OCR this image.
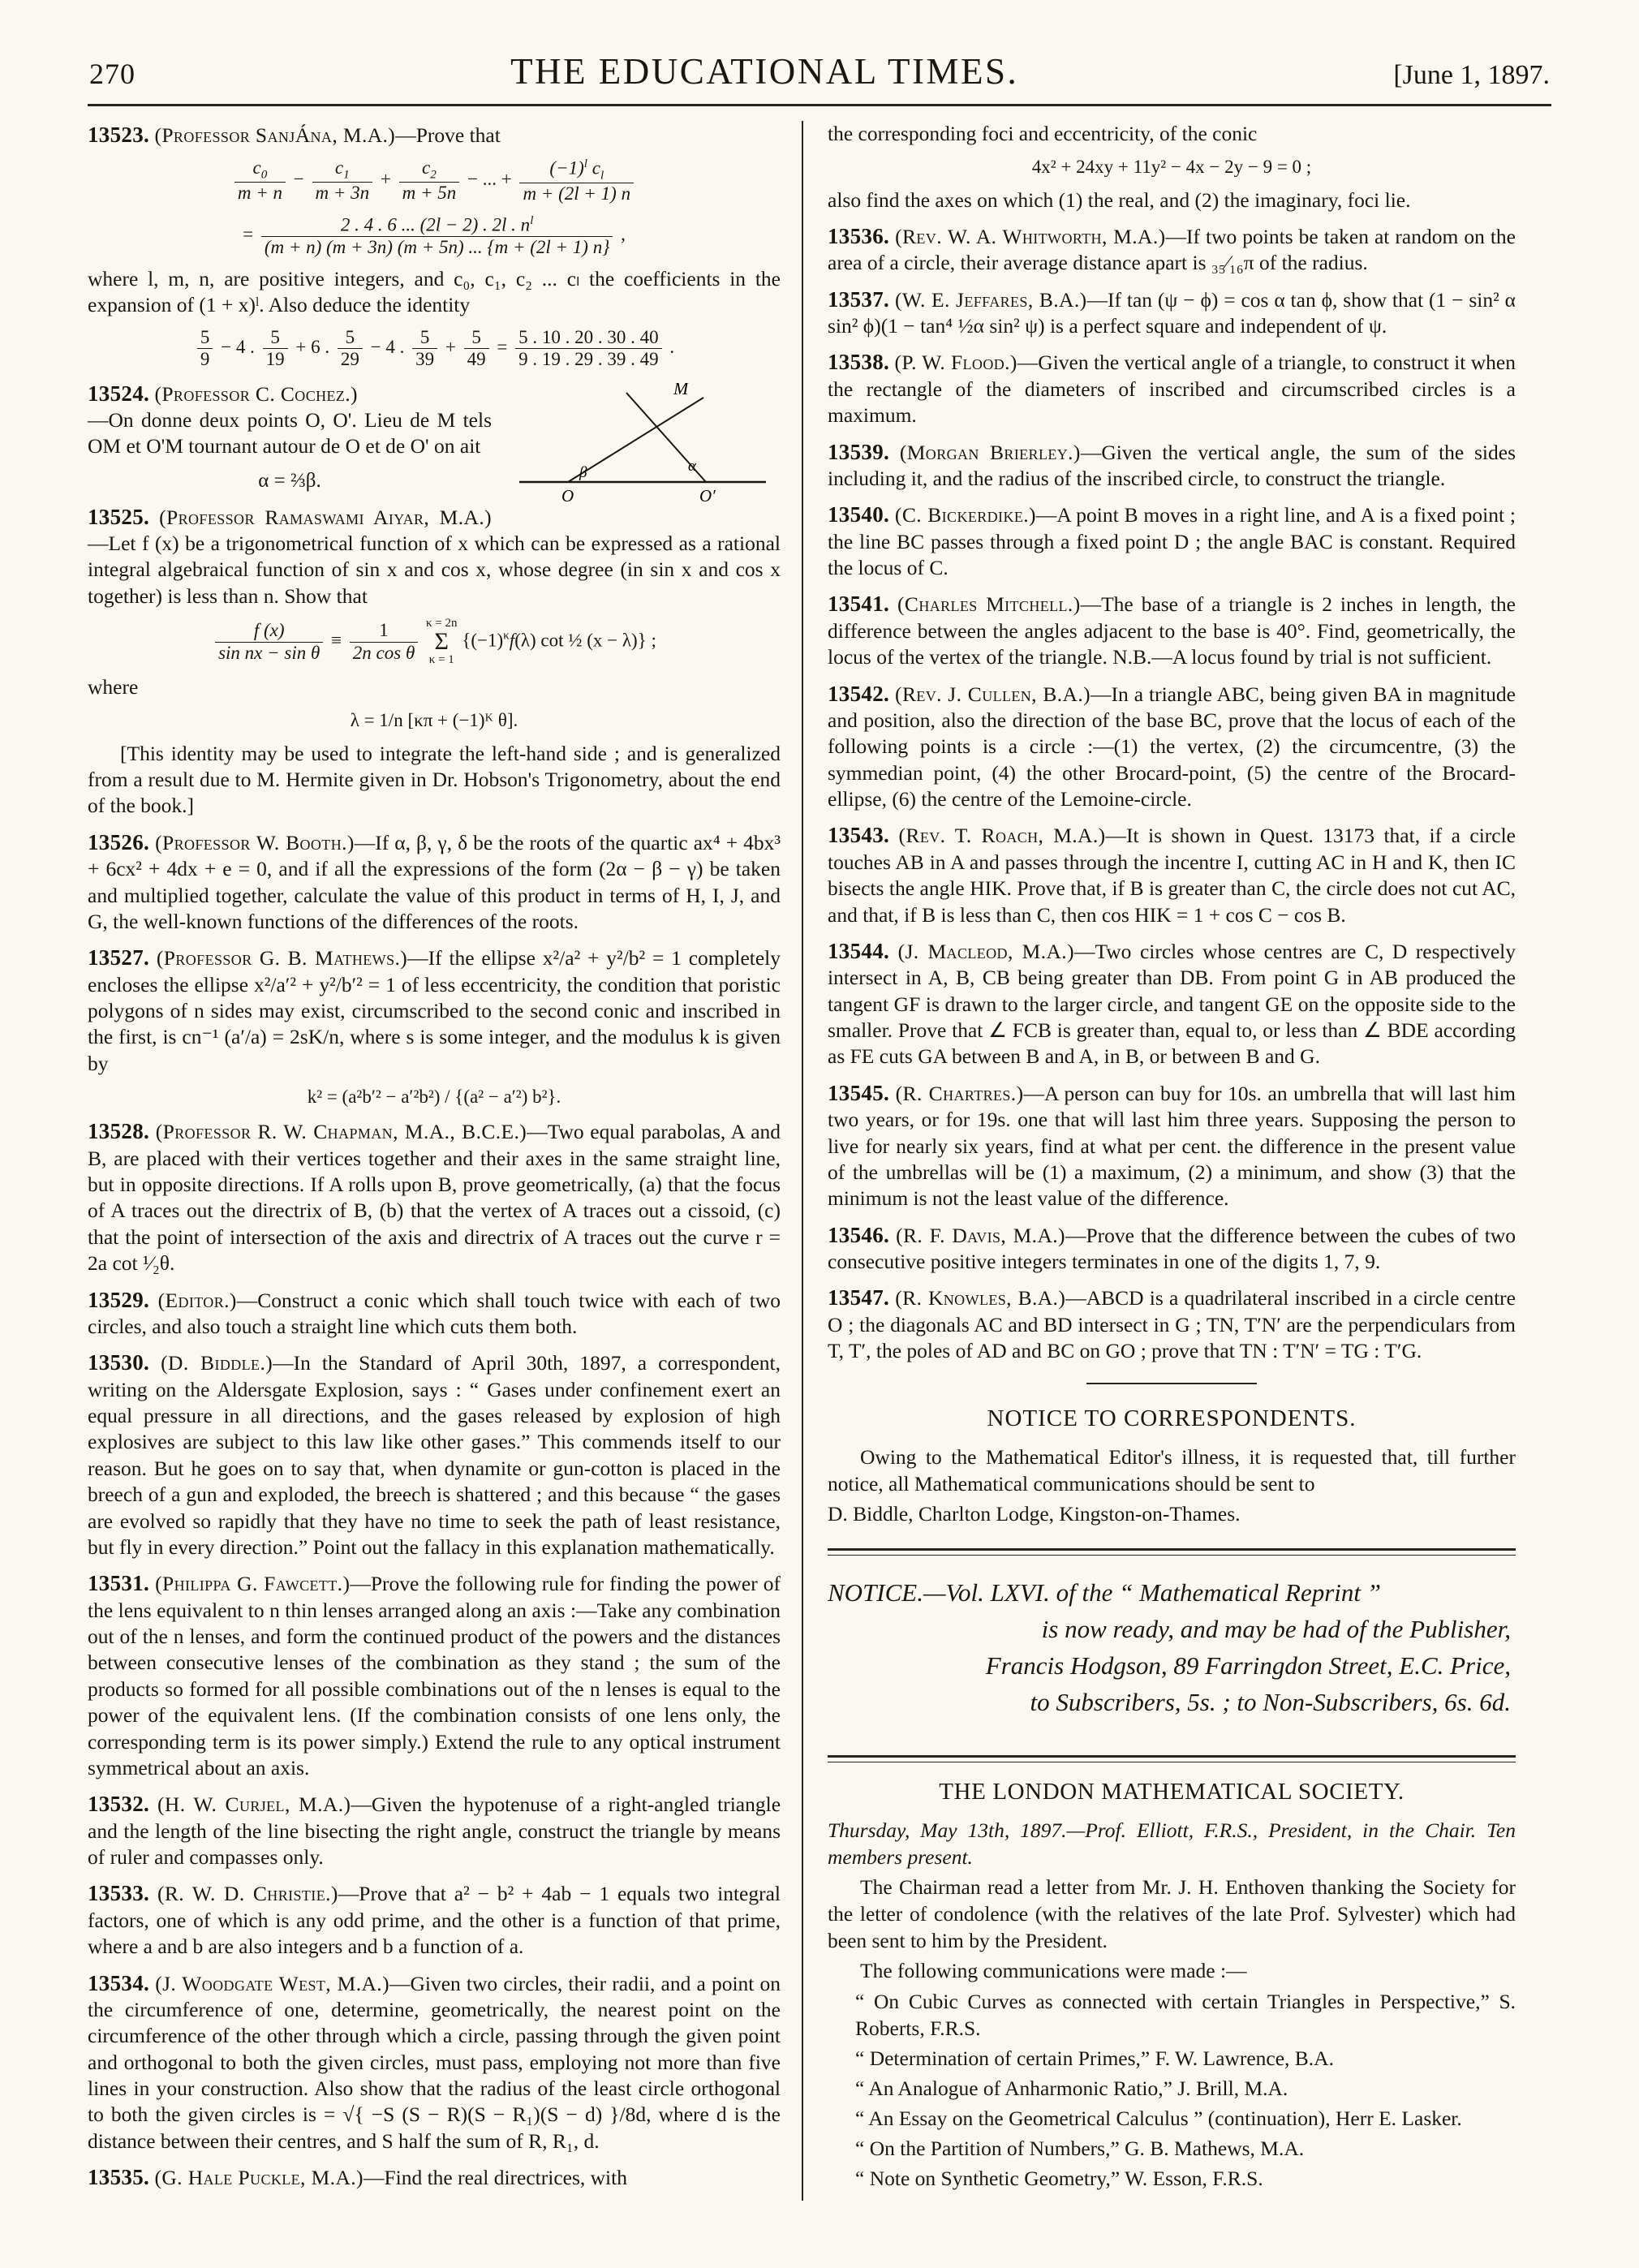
270	THE EDUCATIONAL TIMES.	[June 1, 1897.
13523. (Professor SanjÁna, M.A.)—Prove that
$\frac{c_0}{m + n} - \frac{c_1}{m + 3n} + \frac{c_2}{m + 5n}$ − ... + $\frac{(-1)^l c_l}{m + (2l + 1) n}$
= $\frac{2 . 4 . 6 ... (2l - 2) . 2l . n^l}{(m + n) (m + 3n) (m + 5n) ... \{m + (2l + 1) n\}}$ ,
where l, m, n, are positive integers, and c₀, c₁, c₂ ... cₗ the coefficients in the expansion of (1 + x)ˡ. Also deduce the identity
$\frac{5}{9} - 4$ . $\frac{5}{19} + 6$ . $\frac{5}{29} - 4$ . $\frac{5}{39} + \frac{5}{49} = \frac{5 . 10 . 20 . 30 . 40}{9 . 19 . 29 . 39 . 49}$ .
M
β	α
O	O′
13524. (Professor C. Cochez.)
—On donne deux points O, O'. Lieu de M tels OM et O'M tournant autour de O et de O' on ait
α = ⅔β.
13525. (Professor Ramaswami Aiyar, M.A.)—Let f (x) be a trigonometrical function of x which can be expressed as a rational integral algebraical function of sin x and cos x, whose degree (in sin x and cos x together) is less than n. Show that
$\frac{f (x)}{\text{sin nx − sin θ}} \equiv \frac{1}{\text{2n cos θ}}$
κ = 2n
Σ
κ = 1
{$(-1)^\kappa f(\lambda)$ cot ½ (x − λ)} ;
where
λ = 1/n [κπ + (−1)ᴷ θ].
[This identity may be used to integrate the left-hand side ; and is generalized from a result due to M. Hermite given in Dr. Hobson's Trigonometry, about the end of the book.]
13526. (Professor W. Booth.)—If α, β, γ, δ be the roots of the quartic ax⁴ + 4bx³ + 6cx² + 4dx + e = 0, and if all the expressions of the form (2α − β − γ) be taken and multiplied together, calculate the value of this product in terms of H, I, J, and G, the well-known functions of the differences of the roots.
13527. (Professor G. B. Mathews.)—If the ellipse x²/a² + y²/b² = 1 completely encloses the ellipse x²/a′² + y²/b′² = 1 of less eccentricity, the condition that poristic polygons of n sides may exist, circumscribed to the second conic and inscribed in the first, is cn⁻¹ (a′/a) = 2sK/n, where s is some integer, and the modulus k is given by
k² = (a²b′² − a′²b²) / {(a² − a′²) b²}.
13528. (Professor R. W. Chapman, M.A., B.C.E.)—Two equal parabolas, A and B, are placed with their vertices together and their axes in the same straight line, but in opposite directions. If A rolls upon B, prove geometrically, (a) that the focus of A traces out the directrix of B, (b) that the vertex of A traces out a cissoid, (c) that the point of intersection of the axis and directrix of A traces out the curve r = 2a cot ¹⁄₂θ.
13529. (Editor.)—Construct a conic which shall touch twice with each of two circles, and also touch a straight line which cuts them both.
13530. (D. Biddle.)—In the Standard of April 30th, 1897, a correspondent, writing on the Aldersgate Explosion, says : “ Gases under confinement exert an equal pressure in all directions, and the gases released by explosion of high explosives are subject to this law like other gases.” This commends itself to our reason. But he goes on to say that, when dynamite or gun-cotton is placed in the breech of a gun and exploded, the breech is shattered ; and this because “ the gases are evolved so rapidly that they have no time to seek the path of least resistance, but fly in every direction.” Point out the fallacy in this explanation mathematically.
13531. (Philippa G. Fawcett.)—Prove the following rule for finding the power of the lens equivalent to n thin lenses arranged along an axis :—Take any combination out of the n lenses, and form the continued product of the powers and the distances between consecutive lenses of the combination as they stand ; the sum of the products so formed for all possible combinations out of the n lenses is equal to the power of the equivalent lens. (If the combination consists of one lens only, the corresponding term is its power simply.) Extend the rule to any optical instrument symmetrical about an axis.
13532. (H. W. Curjel, M.A.)—Given the hypotenuse of a right-angled triangle and the length of the line bisecting the right angle, construct the triangle by means of ruler and compasses only.
13533. (R. W. D. Christie.)—Prove that a² − b² + 4ab − 1 equals two integral factors, one of which is any odd prime, and the other is a function of that prime, where a and b are also integers and b a function of a.
13534. (J. Woodgate West, M.A.)—Given two circles, their radii, and a point on the circumference of one, determine, geometrically, the nearest point on the circumference of the other through which a circle, passing through the given point and orthogonal to both the given circles, must pass, employing not more than five lines in your construction. Also show that the radius of the least circle orthogonal to both the given circles is = √{ −S (S − R)(S − R₁)(S − d) }/8d, where d is the distance between their centres, and S half the sum of R, R₁, d.
13535. (G. Hale Puckle, M.A.)—Find the real directrices, with
the corresponding foci and eccentricity, of the conic
4x² + 24xy + 11y² − 4x − 2y − 9 = 0 ;
also find the axes on which (1) the real, and (2) the imaginary, foci lie.
13536. (Rev. W. A. Whitworth, M.A.)—If two points be taken at random on the area of a circle, their average distance apart is ₃₅⁄₁₆π of the radius.
13537. (W. E. Jeffares, B.A.)—If tan (ψ − ϕ) = cos α tan ϕ, show that (1 − sin² α sin² ϕ)(1 − tan⁴ ½α sin² ψ) is a perfect square and independent of ψ.
13538. (P. W. Flood.)—Given the vertical angle of a triangle, to construct it when the rectangle of the diameters of inscribed and circumscribed circles is a maximum.
13539. (Morgan Brierley.)—Given the vertical angle, the sum of the sides including it, and the radius of the inscribed circle, to construct the triangle.
13540. (C. Bickerdike.)—A point B moves in a right line, and A is a fixed point ; the line BC passes through a fixed point D ; the angle BAC is constant. Required the locus of C.
13541. (Charles Mitchell.)—The base of a triangle is 2 inches in length, the difference between the angles adjacent to the base is 40°. Find, geometrically, the locus of the vertex of the triangle. N.B.—A locus found by trial is not sufficient.
13542. (Rev. J. Cullen, B.A.)—In a triangle ABC, being given BA in magnitude and position, also the direction of the base BC, prove that the locus of each of the following points is a circle :—(1) the vertex, (2) the circumcentre, (3) the symmedian point, (4) the other Brocard-point, (5) the centre of the Brocard-ellipse, (6) the centre of the Lemoine-circle.
13543. (Rev. T. Roach, M.A.)—It is shown in Quest. 13173 that, if a circle touches AB in A and passes through the incentre I, cutting AC in H and K, then IC bisects the angle HIK. Prove that, if B is greater than C, the circle does not cut AC, and that, if B is less than C, then cos HIK = 1 + cos C − cos B.
13544. (J. Macleod, M.A.)—Two circles whose centres are C, D respectively intersect in A, B, CB being greater than DB. From point G in AB produced the tangent GF is drawn to the larger circle, and tangent GE on the opposite side to the smaller. Prove that ∠ FCB is greater than, equal to, or less than ∠ BDE according as FE cuts GA between B and A, in B, or between B and G.
13545. (R. Chartres.)—A person can buy for 10s. an umbrella that will last him two years, or for 19s. one that will last him three years. Supposing the person to live for nearly six years, find at what per cent. the difference in the present value of the umbrellas will be (1) a maximum, (2) a minimum, and show (3) that the minimum is not the least value of the difference.
13546. (R. F. Davis, M.A.)—Prove that the difference between the cubes of two consecutive positive integers terminates in one of the digits 1, 7, 9.
13547. (R. Knowles, B.A.)—ABCD is a quadrilateral inscribed in a circle centre O ; the diagonals AC and BD intersect in G ; TN, T′N′ are the perpendiculars from T, T′, the poles of AD and BC on GO ; prove that TN : T′N′ = TG : T′G.
NOTICE TO CORRESPONDENTS.
Owing to the Mathematical Editor's illness, it is requested that, till further notice, all Mathematical communications should be sent to
D. Biddle, Charlton Lodge, Kingston-on-Thames.
NOTICE.—Vol. LXVI. of the “ Mathematical Reprint ”
is now ready, and may be had of the Publisher,
Francis Hodgson, 89 Farringdon Street, E.C. Price,
to Subscribers, 5s. ; to Non-Subscribers, 6s. 6d.
THE LONDON MATHEMATICAL SOCIETY.
Thursday, May 13th, 1897.—Prof. Elliott, F.R.S., President, in the Chair. Ten members present.
The Chairman read a letter from Mr. J. H. Enthoven thanking the Society for the letter of condolence (with the relatives of the late Prof. Sylvester) which had been sent to him by the President.
The following communications were made :—
“ On Cubic Curves as connected with certain Triangles in Perspective,” S. Roberts, F.R.S.
“ Determination of certain Primes,” F. W. Lawrence, B.A.
“ An Analogue of Anharmonic Ratio,” J. Brill, M.A.
“ An Essay on the Geometrical Calculus ” (continuation), Herr E. Lasker.
“ On the Partition of Numbers,” G. B. Mathews, M.A.
“ Note on Synthetic Geometry,” W. Esson, F.R.S.
